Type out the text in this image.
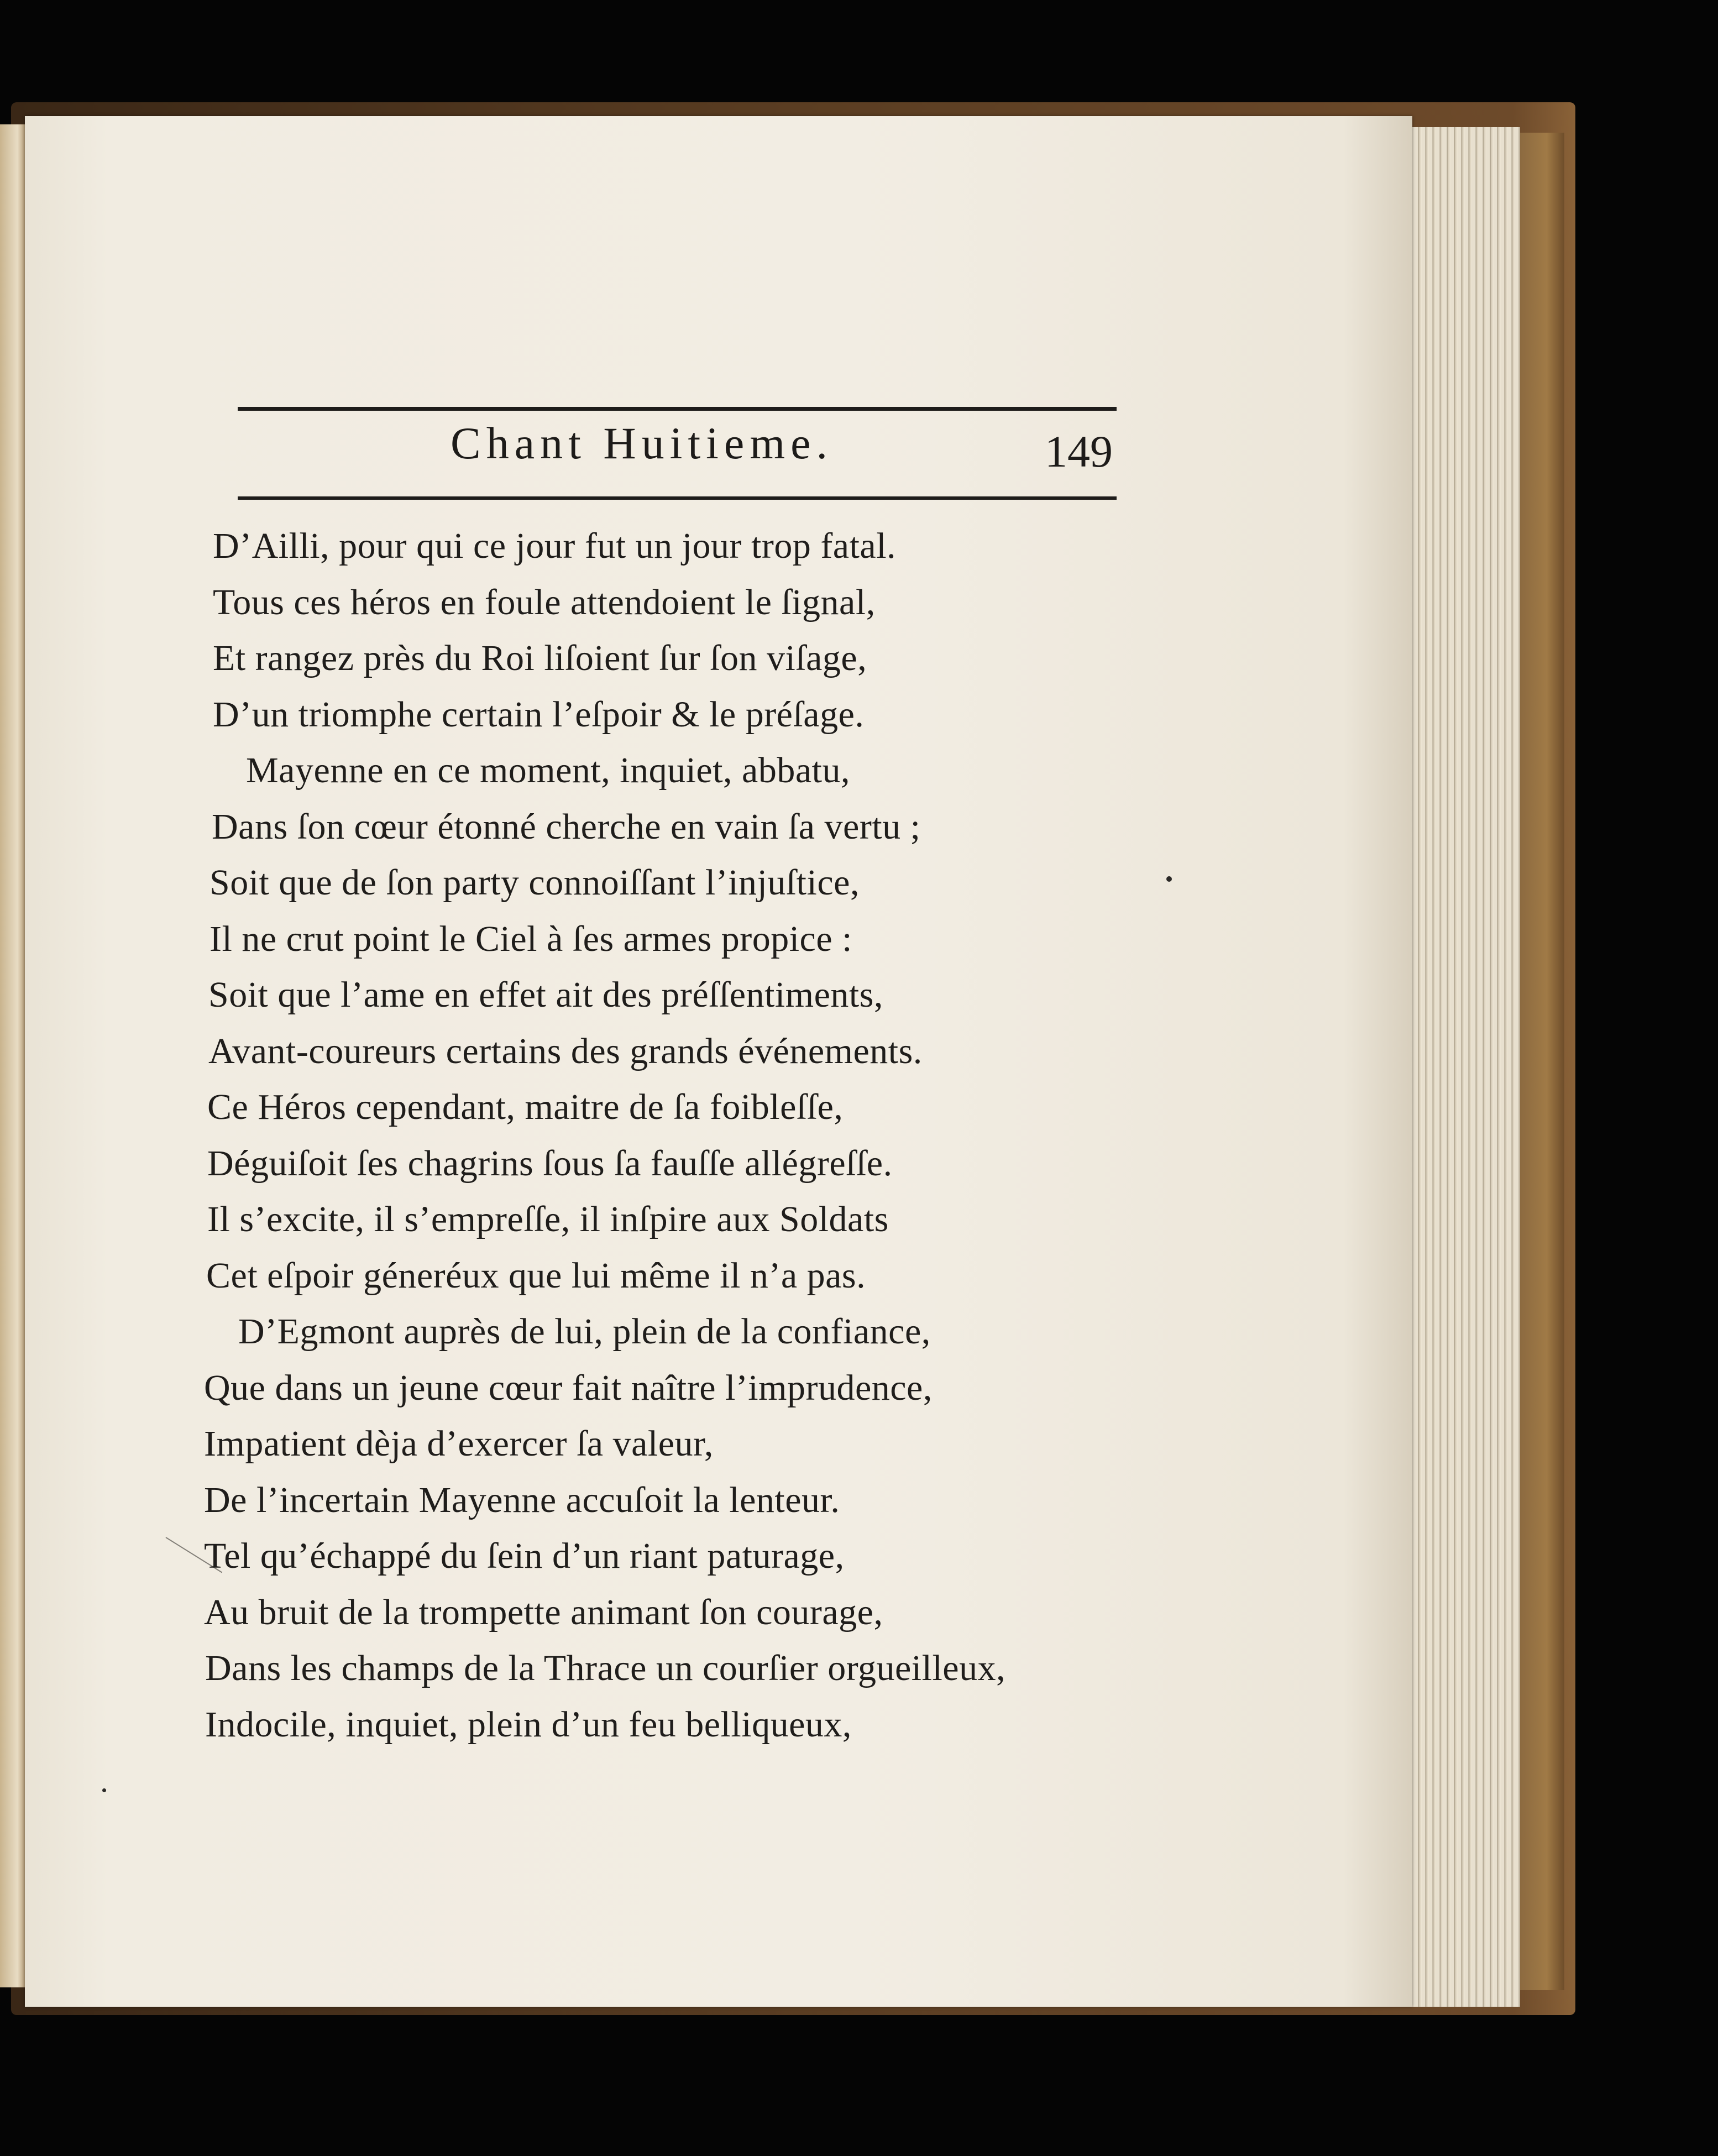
Chant Huitieme.	149
D’Ailli, pour qui ce jour fut un jour trop fatal.
Tous ces héros en foule attendoient le ſignal,
Et rangez près du Roi liſoient ſur ſon viſage,
D’un triomphe certain l’eſpoir & le préſage.
Mayenne en ce moment, inquiet, abbatu,
Dans ſon cœur étonné cherche en vain ſa vertu ;
Soit que de ſon party connoiſſant l’injuſtice,
Il ne crut point le Ciel à ſes armes propice :
Soit que l’ame en effet ait des préſſentiments,
Avant-coureurs certains des grands événements.
Ce Héros cependant, maitre de ſa foibleſſe,
Déguiſoit ſes chagrins ſous ſa fauſſe allégreſſe.
Il s’excite, il s’empreſſe, il inſpire aux Soldats
Cet eſpoir géneréux que lui même il n’a pas.
D’Egmont auprès de lui, plein de la confiance,
Que dans un jeune cœur fait naître l’imprudence,
Impatient dèja d’exercer ſa valeur,
De l’incertain Mayenne accuſoit la lenteur.
Tel qu’échappé du ſein d’un riant paturage,
Au bruit de la trompette animant ſon courage,
Dans les champs de la Thrace un courſier orgueilleux,
Indocile, inquiet, plein d’un feu belliqueux,
